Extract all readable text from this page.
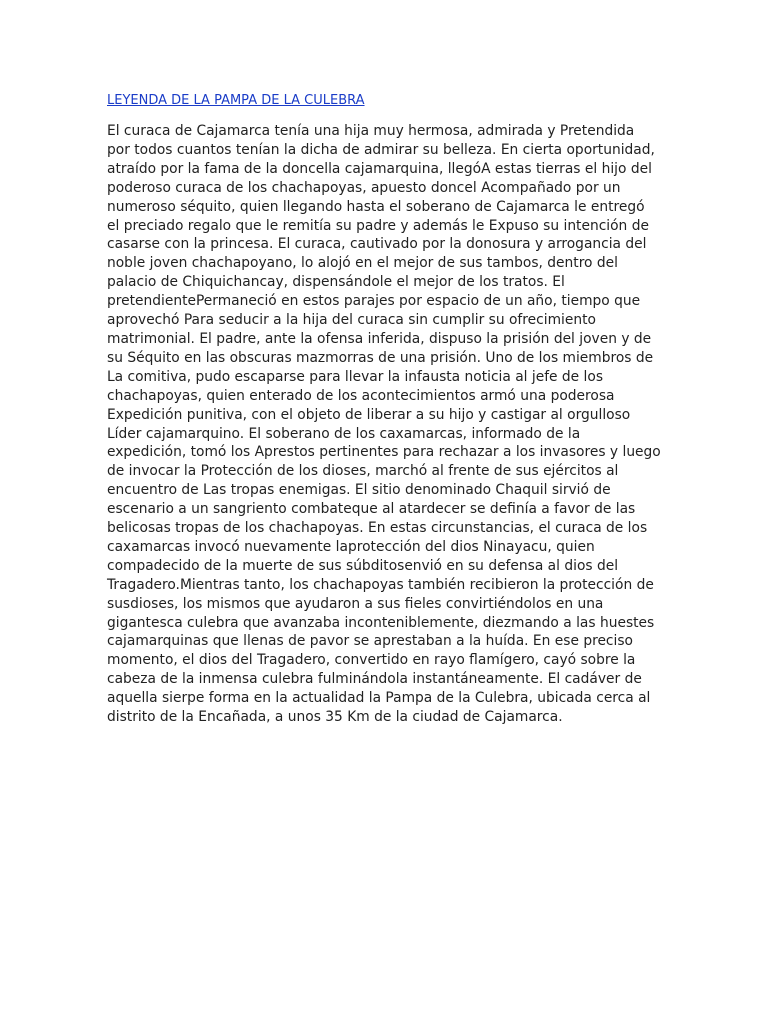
LEYENDA DE LA PAMPA DE LA CULEBRA
El curaca de Cajamarca tenía una hija muy hermosa, admirada y Pretendida
por todos cuantos tenían la dicha de admirar su belleza. En cierta oportunidad,
atraído por la fama de la doncella cajamarquina, llegóA estas tierras el hijo del
poderoso curaca de los chachapoyas, apuesto doncel Acompañado por un
numeroso séquito, quien llegando hasta el soberano de Cajamarca le entregó
el preciado regalo que le remitía su padre y además le Expuso su intención de
casarse con la princesa. El curaca, cautivado por la donosura y arrogancia del
noble joven chachapoyano, lo alojó en el mejor de sus tambos, dentro del
palacio de Chiquichancay, dispensándole el mejor de los tratos. El
pretendientePermaneció en estos parajes por espacio de un año, tiempo que
aprovechó Para seducir a la hija del curaca sin cumplir su ofrecimiento
matrimonial. El padre, ante la ofensa inferida, dispuso la prisión del joven y de
su Séquito en las obscuras mazmorras de una prisión. Uno de los miembros de
La comitiva, pudo escaparse para llevar la infausta noticia al jefe de los
chachapoyas, quien enterado de los acontecimientos armó una poderosa
Expedición punitiva, con el objeto de liberar a su hijo y castigar al orgulloso
Líder cajamarquino. El soberano de los caxamarcas, informado de la
expedición, tomó los Aprestos pertinentes para rechazar a los invasores y luego
de invocar la Protección de los dioses, marchó al frente de sus ejércitos al
encuentro de Las tropas enemigas. El sitio denominado Chaquil sirvió de
escenario a un sangriento combateque al atardecer se definía a favor de las
belicosas tropas de los chachapoyas. En estas circunstancias, el curaca de los
caxamarcas invocó nuevamente laprotección del dios Ninayacu, quien
compadecido de la muerte de sus súbditosenvió en su defensa al dios del
Tragadero.Mientras tanto, los chachapoyas también recibieron la protección de
susdioses, los mismos que ayudaron a sus fieles convirtiéndolos en una
gigantesca culebra que avanzaba inconteniblemente, diezmando a las huestes
cajamarquinas que llenas de pavor se aprestaban a la huída. En ese preciso
momento, el dios del Tragadero, convertido en rayo flamígero, cayó sobre la
cabeza de la inmensa culebra fulminándola instantáneamente. El cadáver de
aquella sierpe forma en la actualidad la Pampa de la Culebra, ubicada cerca al
distrito de la Encañada, a unos 35 Km de la ciudad de Cajamarca.
